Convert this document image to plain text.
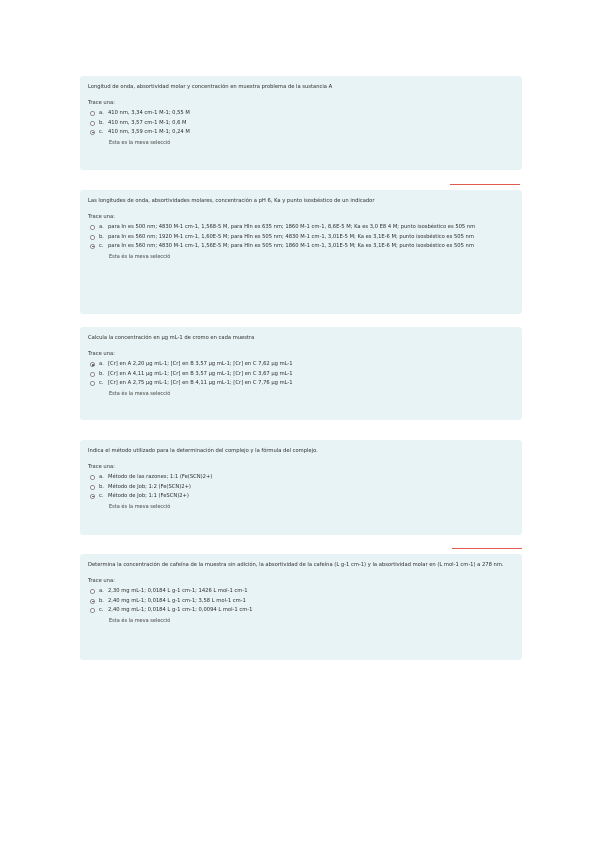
Longitud de onda, absortividad molar y concentración en muestra problema de la sustancia A

Trace una:

a. 410 nm, 3,34 cm-1 M-1; 0,55 M
b. 410 nm, 3,57 cm-1 M-1; 0,6 M
c. 410 nm, 3,59 cm-1 M-1; 0,24 M
Esta es la meva selecció

Las longitudes de onda, absortividades molares, concentración a pH 6, Ka y punto isosbéstico de un indicador

Trace una:

a. para In es 500 nm; 4830 M-1 cm-1, 1,568-5 M, para HIn es 635 nm; 1860 M-1 cm-1, 8,6E-5 M; Ka es 3,0 E8 4 M; punto isosbéstico es 505 nm
b. para In es 560 nm; 1920 M-1 cm-1, 1,60E-5 M; para HIn es 505 nm; 4830 M-1 cm-1, 3,01E-5 M; Ka es 3,1E-6 M; punto isosbéstico es 505 nm
c. para In es 560 nm; 4830 M-1 cm-1, 1,56E-5 M; para HIn es 505 nm; 1860 M-1 cm-1, 3,01E-5 M; Ka es 3,1E-6 M; punto isosbéstico es 505 nm
Esta és la meva selecció

Calcula la concentración en µg mL-1 de cromo en cada muestra

Trace una:

a. [Cr] en A 2,20 µg mL-1; [Cr] en B 3,57 µg mL-1; [Cr] en C 7,62 µg mL-1
b. [Cr] en A 4,11 µg mL-1; [Cr] en B 3,57 µg mL-1; [Cr] en C 3,67 µg mL-1
c. [Cr] en A 2,75 µg mL-1; [Cr] en B 4,11 µg mL-1; [Cr] en C 7,76 µg mL-1
Esta és la meva selecció

Indica el método utilizado para la determinación del complejo y la fórmula del complejo.

Trace una:

a. Método de las razones; 1:1 (Fe(SCN)2+)
b. Método de Job; 1:2 (Fe(SCN)2+)
c. Método de Job; 1:1 (FeSCN)2+)
Esta és la meva selecció

Determina la concentración de cafeína de la muestra sin adición, la absortividad de la cafeína (L g-1 cm-1) y la absortividad molar en (L mol-1 cm-1) a 278 nm.

Trace una:

a. 2,30 mg mL-1; 0,0184 L g-1 cm-1; 1426 L mol-1 cm-1
b. 2,40 mg mL-1; 0,0184 L g-1 cm-1; 3,58 L mol-1 cm-1
c. 2,40 mg mL-1; 0,0184 L g-1 cm-1; 0,0094 L mol-1 cm-1
Esta és la meva selecció
